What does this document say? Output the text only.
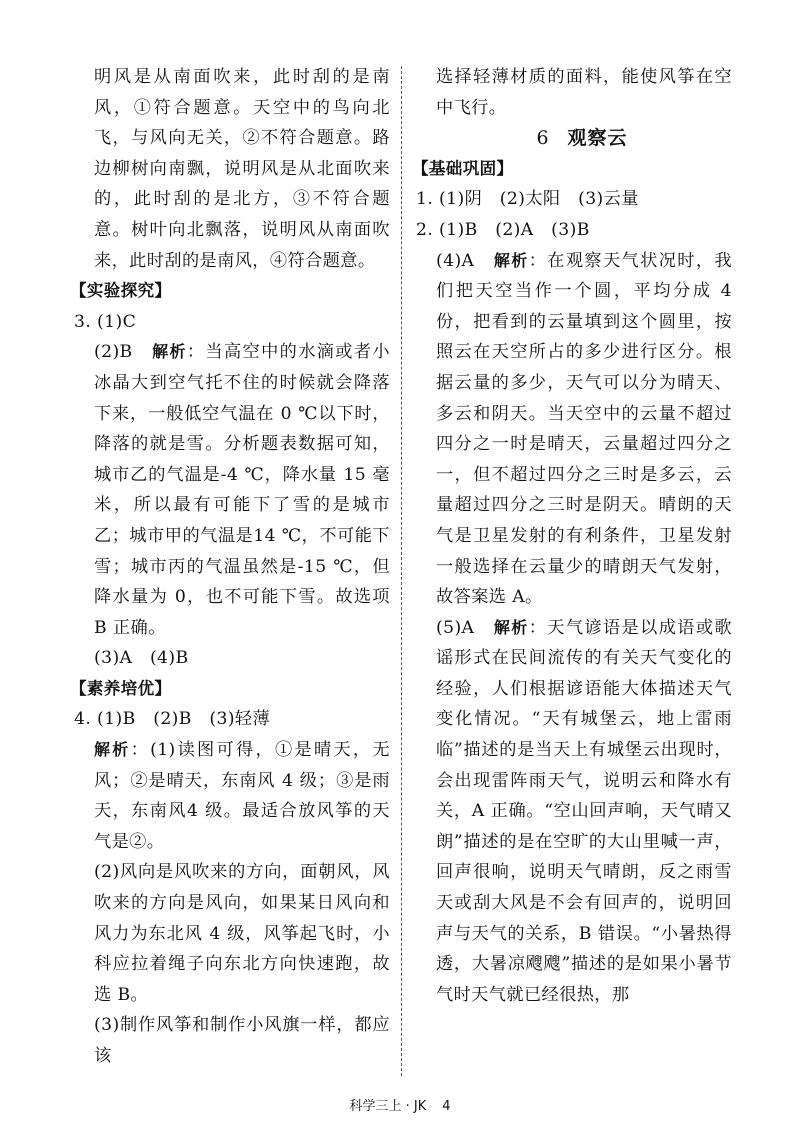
明风是从南面吹来，此时刮的是南风，①符合题意。天空中的鸟向北飞，与风向无关，②不符合题意。路边柳树向南飘，说明风是从北面吹来的，此时刮的是北方，③不符合题意。树叶向北飘落，说明风从南面吹来，此时刮的是南风，④符合题意。

【实验探究】

3. (1)C

(2)B　 解析：当高空中的水滴或者小冰晶大到空气托不住的时候就会降落下来，一般低空气温在 0 ℃以下时，降落的就是雪。分析题表数据可知，城市乙的气温是-4 ℃，降水量 15 毫米，所以最有可能下了雪的是城市乙；城市甲的气温是14 ℃，不可能下雪；城市丙的气温虽然是-15 ℃，但降水量为 0，也不可能下雪。故选项 B 正确。

(3)A　(4)B

【素养培优】

4. (1)B　(2)B　(3)轻薄

解析：(1)读图可得，①是晴天，无风；②是晴天，东南风 4 级；③是雨天，东南风4 级。最适合放风筝的天气是②。

(2)风向是风吹来的方向，面朝风，风吹来的方向是风向，如果某日风向和风力为东北风 4 级，风筝起飞时，小科应拉着绳子向东北方向快速跑，故选 B。

(3)制作风筝和制作小风旗一样，都应该

选择轻薄材质的面料，能使风筝在空中飞行。

6 观察云

【基础巩固】

1. (1)阴　(2)太阳　(3)云量

2. (1)B　(2)A　(3)B

(4)A　 解析：在观察天气状况时，我们把天空当作一个圆，平均分成 4 份，把看到的云量填到这个圆里，按照云在天空所占的多少进行区分。根据云量的多少，天气可以分为晴天、多云和阴天。当天空中的云量不超过四分之一时是晴天，云量超过四分之一，但不超过四分之三时是多云，云量超过四分之三时是阴天。晴朗的天气是卫星发射的有利条件，卫星发射一般选择在云量少的晴朗天气发射，故答案选 A。

(5)A　 解析：天气谚语是以成语或歌谣形式在民间流传的有关天气变化的经验，人们根据谚语能大体描述天气变化情况。“天有城堡云，地上雷雨临”描述的是当天上有城堡云出现时，会出现雷阵雨天气，说明云和降水有关，A 正确。“空山回声响，天气晴又朗”描述的是在空旷的大山里喊一声，回声很响，说明天气晴朗，反之雨雪天或刮大风是不会有回声的，说明回声与天气的关系，B 错误。“小暑热得透，大暑凉飕飕”描述的是如果小暑节气时天气就已经很热，那

科学三上 · JK 4
